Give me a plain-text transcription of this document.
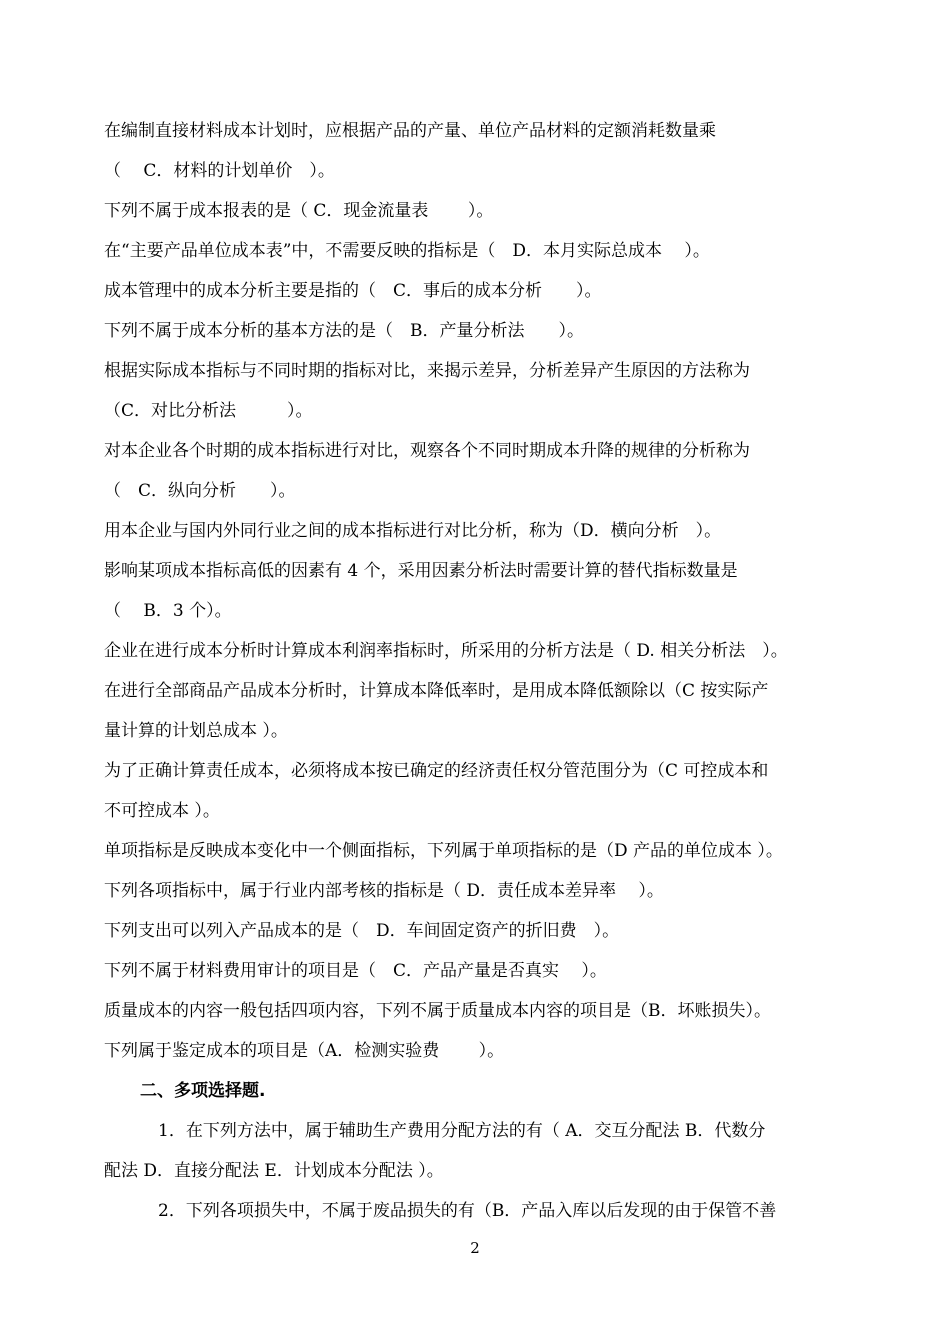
在编制直接材料成本计划时，应根据产品的产量、单位产品材料的定额消耗数量乘
（　 C．材料的计划单价　）。
下列不属于成本报表的是（ C．现金流量表　　 ）。
在“主要产品单位成本表”中，不需要反映的指标是（　D．本月实际总成本　 ）。
成本管理中的成本分析主要是指的（　C．事后的成本分析　　）。
下列不属于成本分析的基本方法的是（　B．产量分析法　　）。
根据实际成本指标与不同时期的指标对比，来揭示差异，分析差异产生原因的方法称为
（C．对比分析法　　　）。
对本企业各个时期的成本指标进行对比，观察各个不同时期成本升降的规律的分析称为
（　C．纵向分析　　）。
用本企业与国内外同行业之间的成本指标进行对比分析，称为（D．横向分析　）。
影响某项成本指标高低的因素有 4 个，采用因素分析法时需要计算的替代指标数量是
（　 B．3 个）。
企业在进行成本分析时计算成本利润率指标时，所采用的分析方法是（ D. 相关分析法　）。
在进行全部商品产品成本分析时，计算成本降低率时，是用成本降低额除以（C 按实际产
量计算的计划总成本 ）。
为了正确计算责任成本，必须将成本按已确定的经济责任权分管范围分为（C 可控成本和
不可控成本 ）。
单项指标是反映成本变化中一个侧面指标，下列属于单项指标的是（D 产品的单位成本 ）。
下列各项指标中，属于行业内部考核的指标是（ D．责任成本差异率　 ）。
下列支出可以列入产品成本的是（　D．车间固定资产的折旧费　）。
下列不属于材料费用审计的项目是（　C．产品产量是否真实　 ）。
质量成本的内容一般包括四项内容，下列不属于质量成本内容的项目是（B．坏账损失）。
下列属于鉴定成本的项目是（A．检测实验费　　 ）。
二、多项选择题.
1．在下列方法中，属于辅助生产费用分配方法的有（ A．交互分配法 B．代数分
配法 D．直接分配法 E．计划成本分配法 ）。
2．下列各项损失中，不属于废品损失的有（B．产品入库以后发现的由于保管不善
2
